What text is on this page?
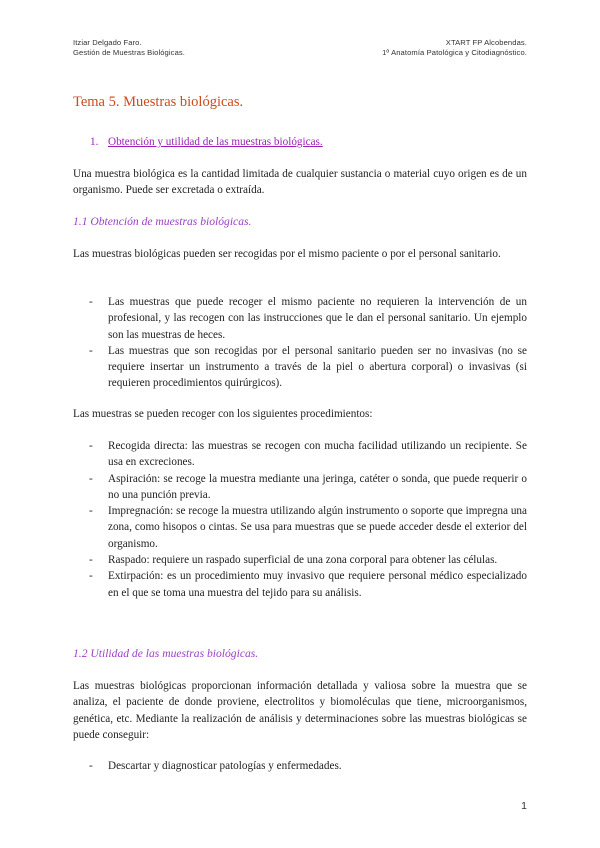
Itziar Delgado Faro.
Gestión de Muestras Biológicas.
XTART FP Alcobendas.
1º Anatomía Patológica y Citodiagnóstico.
Tema 5. Muestras biológicas.
1. Obtención y utilidad de las muestras biológicas.
Una muestra biológica es la cantidad limitada de cualquier sustancia o material cuyo origen es de un organismo. Puede ser excretada o extraída.
1.1 Obtención de muestras biológicas.
Las muestras biológicas pueden ser recogidas por el mismo paciente o por el personal sanitario.
- Las muestras que puede recoger el mismo paciente no requieren la intervención de un profesional, y las recogen con las instrucciones que le dan el personal sanitario. Un ejemplo son las muestras de heces.
- Las muestras que son recogidas por el personal sanitario pueden ser no invasivas (no se requiere insertar un instrumento a través de la piel o abertura corporal) o invasivas (si requieren procedimientos quirúrgicos).
Las muestras se pueden recoger con los siguientes procedimientos:
- Recogida directa: las muestras se recogen con mucha facilidad utilizando un recipiente. Se usa en excreciones.
- Aspiración: se recoge la muestra mediante una jeringa, catéter o sonda, que puede requerir o no una punción previa.
- Impregnación: se recoge la muestra utilizando algún instrumento o soporte que impregna una zona, como hisopos o cintas. Se usa para muestras que se puede acceder desde el exterior del organismo.
- Raspado: requiere un raspado superficial de una zona corporal para obtener las células.
- Extirpación: es un procedimiento muy invasivo que requiere personal médico especializado en el que se toma una muestra del tejido para su análisis.
1.2 Utilidad de las muestras biológicas.
Las muestras biológicas proporcionan información detallada y valiosa sobre la muestra que se analiza, el paciente de donde proviene, electrolitos y biomoléculas que tiene, microorganismos, genética, etc. Mediante la realización de análisis y determinaciones sobre las muestras biológicas se puede conseguir:
- Descartar y diagnosticar patologías y enfermedades.
1
